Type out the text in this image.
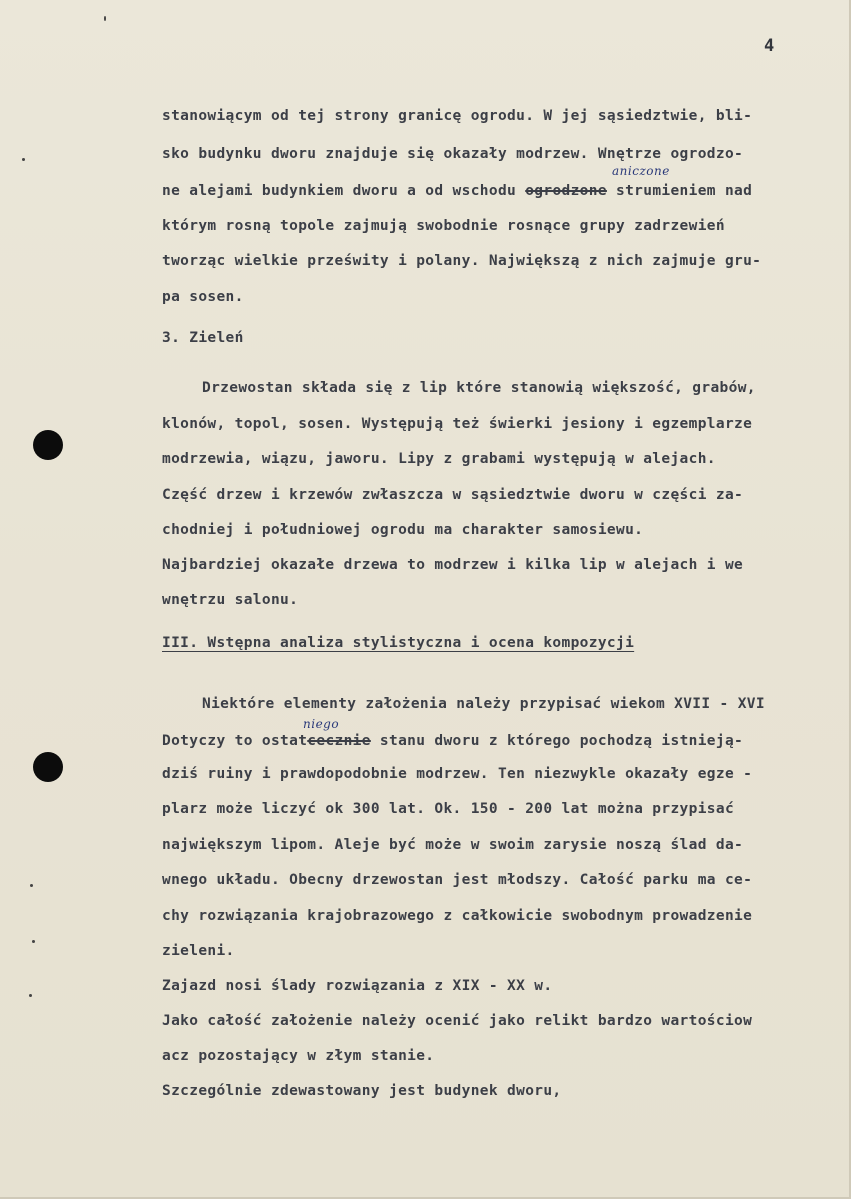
4
stanowiącym od tej strony granicę ogrodu. W jej sąsiedztwie, bli-
sko budynku dworu znajduje się okazały modrzew. Wnętrze ogrodzo-
ne alejami budynkiem dworu a od wschodu ogrodzone strumieniem nad
aniczone
którym rosną topole zajmują swobodnie rosnące grupy zadrzewień
tworząc wielkie prześwity i polany. Największą z nich zajmuje gru-
pa sosen.
3. Zieleń
Drzewostan składa się z lip które stanowią większość, grabów,
klonów, topol, sosen. Występują też świerki jesiony i egzemplarze
modrzewia, wiązu, jaworu. Lipy z grabami występują w alejach.
Część drzew i krzewów zwłaszcza w sąsiedztwie dworu w części za-
chodniej i południowej ogrodu ma charakter samosiewu.
Najbardziej okazałe drzewa to modrzew i kilka lip w alejach i we
wnętrzu salonu.
III. Wstępna analiza stylistyczna i ocena kompozycji
Niektóre elementy założenia należy przypisać wiekom XVII - XVI
Dotyczy to ostatcecznie stanu dworu z którego pochodzą istnieją-
niego
dziś ruiny i prawdopodobnie modrzew. Ten niezwykle okazały egze -
plarz może liczyć ok 300 lat. Ok. 150 - 200 lat można przypisać
największym lipom. Aleje być może w swoim zarysie noszą ślad da-
wnego układu. Obecny drzewostan jest młodszy. Całość parku ma ce-
chy rozwiązania krajobrazowego z całkowicie swobodnym prowadzenie
zieleni.
Zajazd nosi ślady rozwiązania z XIX - XX w.
Jako całość założenie należy ocenić jako relikt bardzo wartościow
acz pozostający w złym stanie.
Szczególnie zdewastowany jest budynek dworu,
